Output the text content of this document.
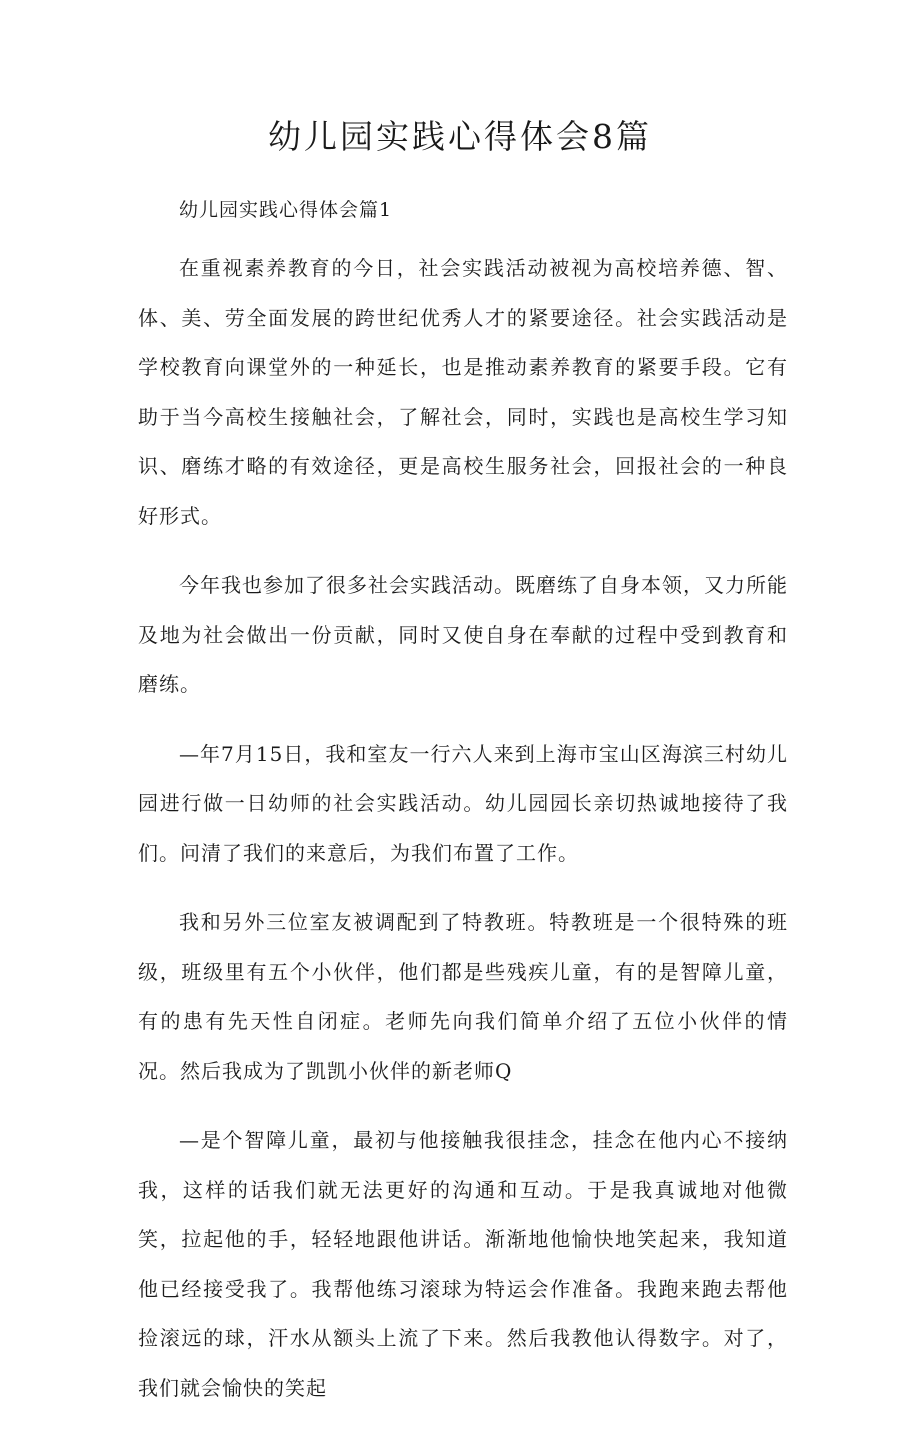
幼儿园实践心得体会8篇

幼儿园实践心得体会篇1

在重视素养教育的今日，社会实践活动被视为高校培养德、智、体、美、劳全面发展的跨世纪优秀人才的紧要途径。社会实践活动是学校教育向课堂外的一种延长，也是推动素养教育的紧要手段。它有助于当今高校生接触社会，了解社会，同时，实践也是高校生学习知识、磨练才略的有效途径，更是高校生服务社会，回报社会的一种良好形式。

今年我也参加了很多社会实践活动。既磨练了自身本领，又力所能及地为社会做出一份贡献，同时又使自身在奉献的过程中受到教育和磨练。

—年7月15日，我和室友一行六人来到上海市宝山区海滨三村幼儿园进行做一日幼师的社会实践活动。幼儿园园长亲切热诚地接待了我们。问清了我们的来意后，为我们布置了工作。

我和另外三位室友被调配到了特教班。特教班是一个很特殊的班级，班级里有五个小伙伴，他们都是些残疾儿童，有的是智障儿童，有的患有先天性自闭症。老师先向我们简单介绍了五位小伙伴的情况。然后我成为了凯凯小伙伴的新老师Q

—是个智障儿童，最初与他接触我很挂念，挂念在他内心不接纳我，这样的话我们就无法更好的沟通和互动。于是我真诚地对他微笑，拉起他的手，轻轻地跟他讲话。渐渐地他愉快地笑起来，我知道他已经接受我了。我帮他练习滚球为特运会作准备。我跑来跑去帮他捡滚远的球，汗水从额头上流了下来。然后我教他认得数字。对了，我们就会愉快的笑起
